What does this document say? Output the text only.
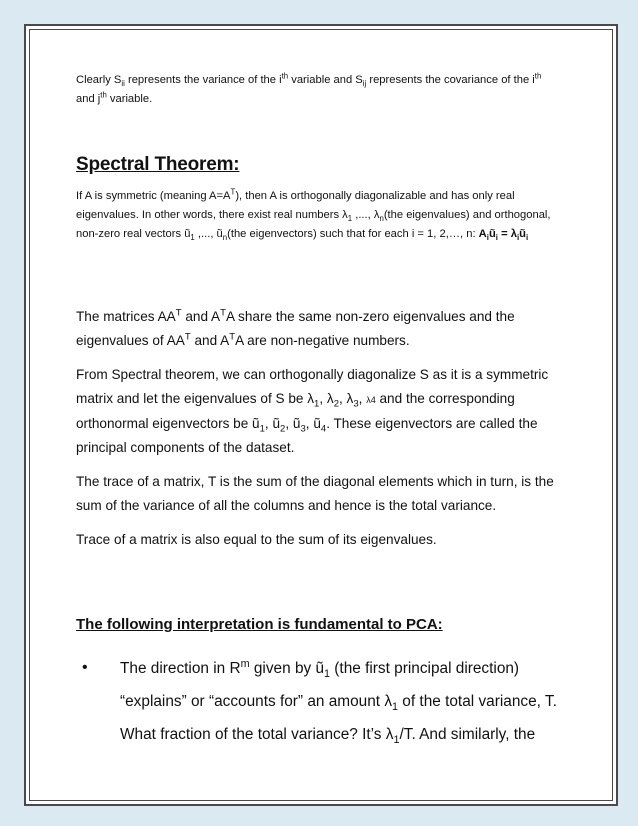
Clearly $S_{ii}$ represents the variance of the $i^{th}$ variable and $S_{ij}$ represents the covariance of the $i^{th}$

and $j^{th}$ variable.

Spectral Theorem:

If A is symmetric (meaning $A=A^T$), then A is orthogonally diagonalizable and has only real

eigenvalues. In other words, there exist real numbers $\lambda_1$ ,..., $\lambda_n(the$ eigenvalues) and orthogonal,

non-zero real vectors $ũ_1$ ,..., $ũ_n(the$ eigenvectors) such that for each i = 1, 2,…, n: $A_iũ_i$ = $\lambda_iũ_i$

The matrices $AA^T$ and $A^TA$ share the same non-zero eigenvalues and the eigenvalues of $AA^T$ and $A^TA$ are non-negative numbers.

From Spectral theorem, we can orthogonally diagonalize S as it is a symmetric matrix and let the eigenvalues of S be $\lambda_1$, $\lambda_2$, $\lambda_3$, λ4 and the corresponding orthonormal eigenvectors be $ũ_1$, $ũ_2$, $ũ_3$, $ũ_4$. These eigenvectors are called the principal components of the dataset.

The trace of a matrix, T is the sum of the diagonal elements which in turn, is the sum of the variance of all the columns and hence is the total variance.

Trace of a matrix is also equal to the sum of its eigenvalues.

The following interpretation is fundamental to PCA:
•	The direction in $R^m$ given by $ũ_1$ (the first principal direction) “explains” or “accounts for” an amount $\lambda_1$ of the total variance, T. What fraction of the total variance? It’s $\lambda_1/T$. And similarly, the
